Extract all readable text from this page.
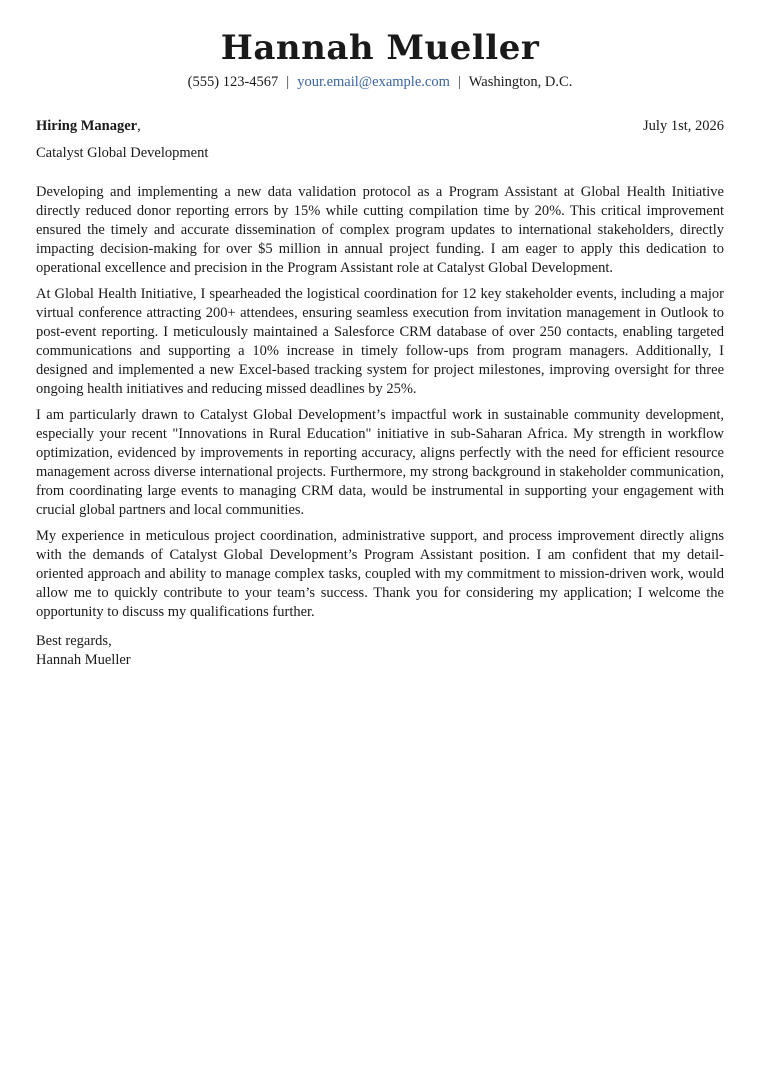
Hannah Mueller
(555) 123-4567 | your.email@example.com | Washington, D.C.
Hiring Manager,	July 1st, 2026
Catalyst Global Development

Developing and implementing a new data validation protocol as a Program Assistant at Global Health Initiative directly reduced donor reporting errors by 15% while cutting compilation time by 20%. This critical improvement ensured the timely and accurate dissemination of complex program updates to international stakeholders, directly impacting decision-making for over $5 million in annual project funding. I am eager to apply this dedication to operational excellence and precision in the Program Assistant role at Catalyst Global Development.

At Global Health Initiative, I spearheaded the logistical coordination for 12 key stakeholder events, including a major virtual conference attracting 200+ attendees, ensuring seamless execution from invitation management in Outlook to post-event reporting. I meticulously maintained a Salesforce CRM database of over 250 contacts, enabling targeted communications and supporting a 10% increase in timely follow-ups from program managers. Additionally, I designed and implemented a new Excel-based tracking system for project milestones, improving oversight for three ongoing health initiatives and reducing missed deadlines by 25%.

I am particularly drawn to Catalyst Global Development’s impactful work in sustainable community development, especially your recent "Innovations in Rural Education" initiative in sub-Saharan Africa. My strength in workflow optimization, evidenced by improvements in reporting accuracy, aligns perfectly with the need for efficient resource management across diverse international projects. Furthermore, my strong background in stakeholder communication, from coordinating large events to managing CRM data, would be instrumental in supporting your engagement with crucial global partners and local communities.

My experience in meticulous project coordination, administrative support, and process improvement directly aligns with the demands of Catalyst Global Development’s Program Assistant position. I am confident that my detail-oriented approach and ability to manage complex tasks, coupled with my commitment to mission-driven work, would allow me to quickly contribute to your team’s success. Thank you for considering my application; I welcome the opportunity to discuss my qualifications further.

Best regards,
Hannah Mueller
